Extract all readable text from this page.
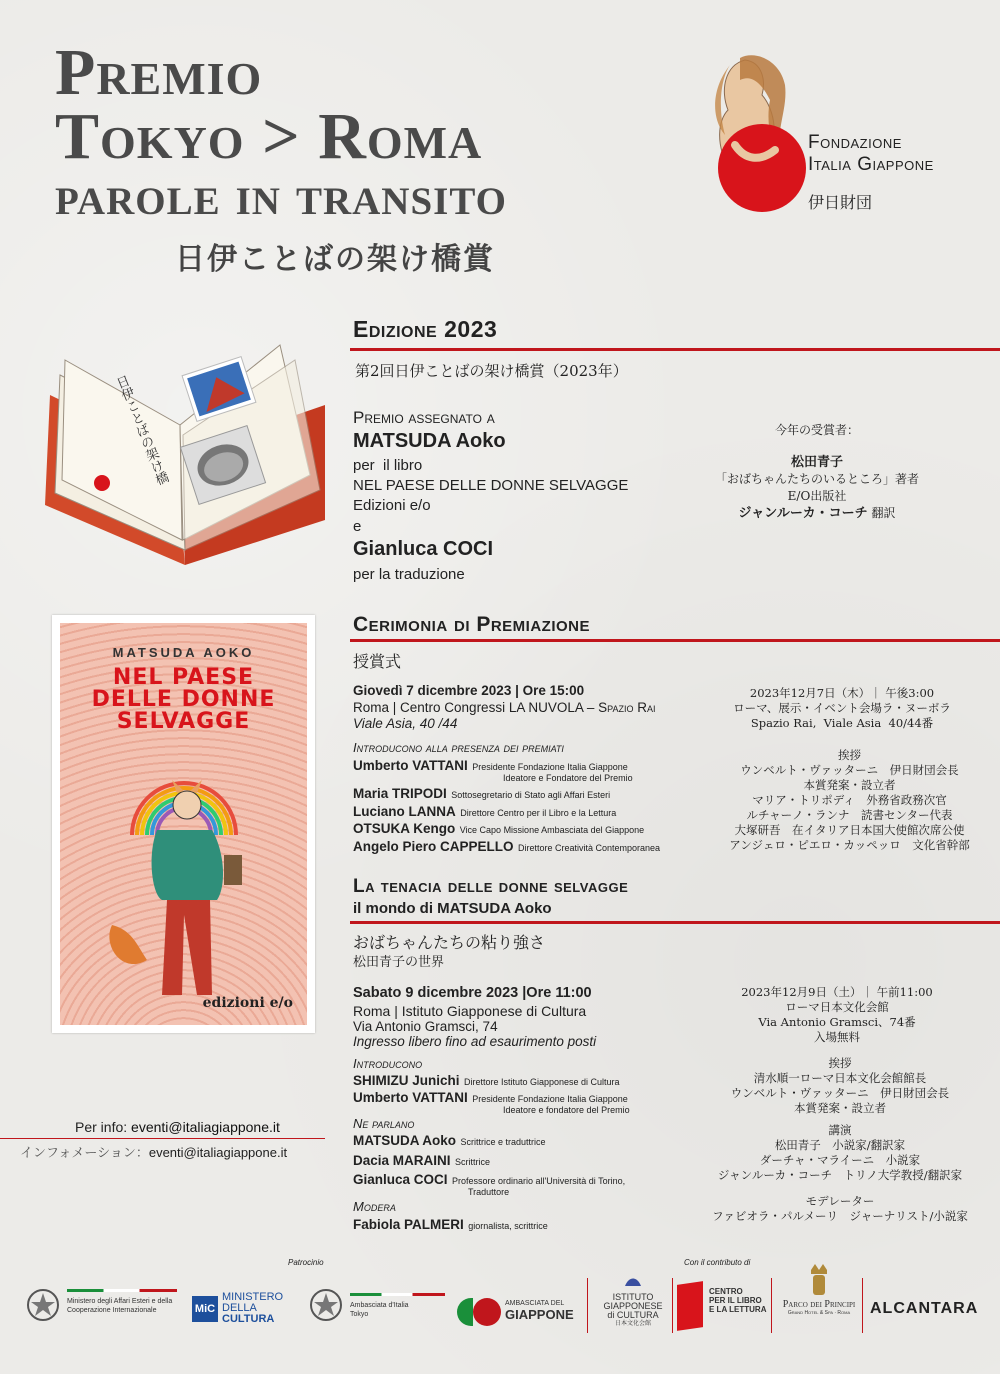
Premio
Tokyo > Roma
parole in transito
日伊ことばの架け橋賞
Fondazione
Italia Giappone
伊日財団
日伊ことばの架け橋
Edizione 2023
第2回日伊ことばの架け橋賞（2023年）
Premio assegnato a
MATSUDA Aoko
per  il libro
NEL PAESE DELLE DONNE SELVAGGE
Edizioni e/o
e
Gianluca COCI
per la traduzione
今年の受賞者：
松田青子
「おばちゃんたちのいるところ」著者
E/O出版社
ジャンルーカ・コーチ 翻訳
MATSUDA AOKO
NEL PAESE
DELLE DONNE
SELVAGGE
edizioni e/o
Cerimonia di Premiazione
授賞式
Giovedì 7 dicembre 2023 | Ore 15:00
Roma | Centro Congressi LA NUVOLA – Spazio Rai
Viale Asia, 40 /44
2023年12月7日（木）｜ 午後3:00
ローマ、展示・イベント会場ラ・ヌーボラ
Spazio Rai,  Viale Asia  40/44番
Introducono alla presenza dei premiati
Umberto VATTANI Presidente Fondazione Italia Giappone
Ideatore e Fondatore del Premio
Maria TRIPODI Sottosegretario di Stato agli Affari Esteri
Luciano LANNA Direttore Centro per il Libro e la Lettura
OTSUKA Kengo Vice Capo Missione Ambasciata del Giappone
Angelo Piero CAPPELLO Direttore Creatività Contemporanea
挨拶
ウンベルト・ヴァッターニ　伊日財団会長
本賞発案・設立者
マリア・トリポディ　外務省政務次官
ルチャーノ・ランナ　読書センター代表
大塚研吾　在イタリア日本国大使館次席公使
アンジェロ・ピエロ・カッペッロ　文化省幹部
La tenacia delle donne selvagge
il mondo di MATSUDA Aoko
おばちゃんたちの粘り強さ
松田青子の世界
Sabato 9 dicembre 2023 |Ore 11:00
Roma | Istituto Giapponese di Cultura
Via Antonio Gramsci, 74
Ingresso libero fino ad esaurimento posti
2023年12月9日（土）｜ 午前11:00
ローマ日本文化会館
Via Antonio Gramsci、74番
入場無料
Introducono
SHIMIZU Junichi Direttore Istituto Giapponese di Cultura
Umberto VATTANI Presidente Fondazione Italia Giappone
Ideatore e fondatore del Premio
Ne parlano
MATSUDA Aoko Scrittrice e traduttrice
Dacia MARAINI Scrittrice
Gianluca COCI Professore ordinario all'Università di Torino,
Traduttore
Modera
Fabiola PALMERI giornalista, scrittrice
挨拶
清水順一ローマ日本文化会館館長
ウンベルト・ヴァッターニ　伊日財団会長
本賞発案・設立者
講演
松田青子　小説家/翻訳家
ダーチャ・マライーニ　小説家
ジャンルーカ・コーチ　トリノ大学教授/翻訳家
モデレーター
ファビオラ・パルメーリ　ジャーナリスト/小説家
Per info: eventi@italiagiappone.it
インフォメーション：eventi@italiagiappone.it
Patrocinio	Con il contributo di
Ministero degli Affari Esteri e della Cooperazione Internazionale	MiC
MINISTERO
DELLA
CULTURA
Ambasciata d'Italia Tokyo
AMBASCIATA DEL
GIAPPONE
ISTITUTO
GIAPPONESE
di CULTURA
日本文化会館
CENTRO
PER IL LIBRO
E LA LETTURA	Parco dei Principi
Grand Hotel & Spa · Roma	ALCANTARA
